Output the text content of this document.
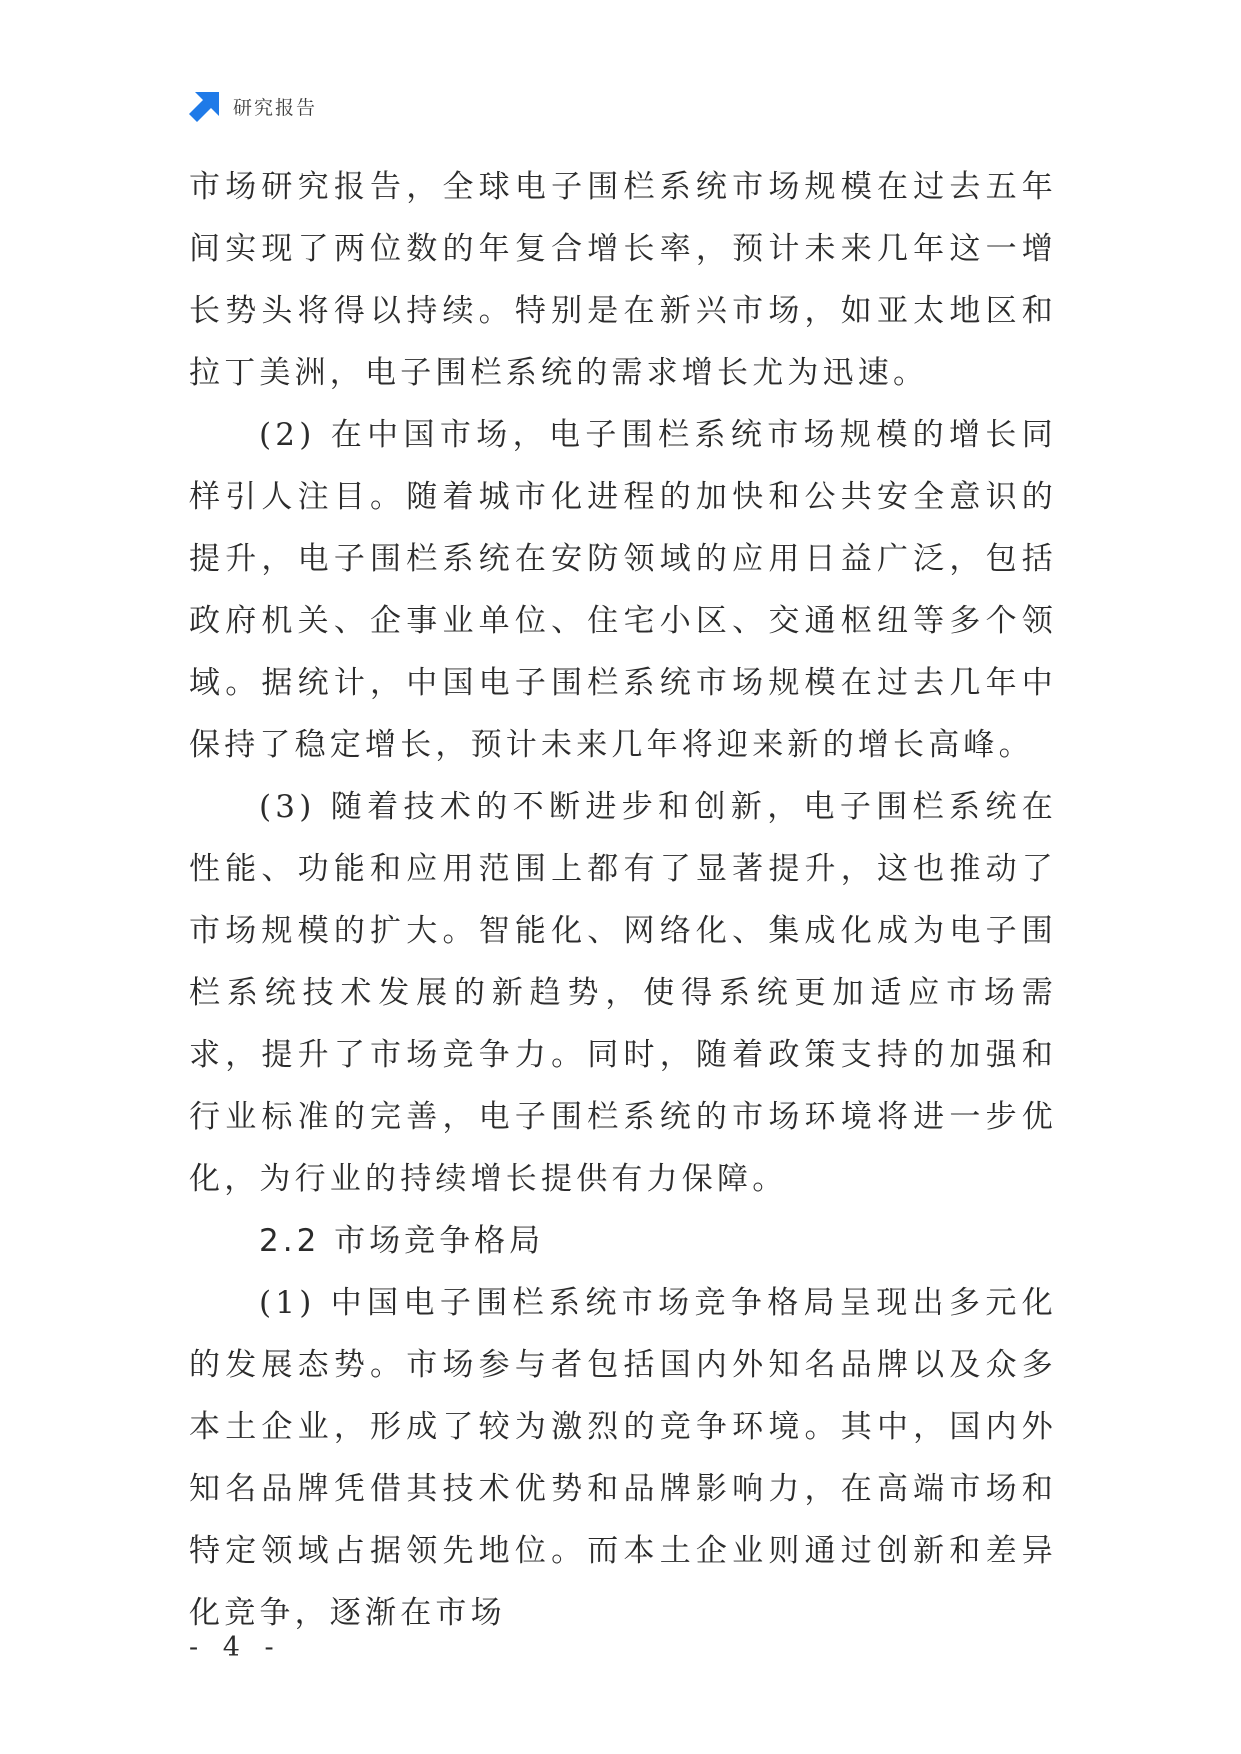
研究报告

市场研究报告，全球电子围栏系统市场规模在过去五年间实现了两位数的年复合增长率，预计未来几年这一增长势头将得以持续。特别是在新兴市场，如亚太地区和拉丁美洲，电子围栏系统的需求增长尤为迅速。

(2) 在中国市场，电子围栏系统市场规模的增长同样引人注目。随着城市化进程的加快和公共安全意识的提升，电子围栏系统在安防领域的应用日益广泛，包括政府机关、企事业单位、住宅小区、交通枢纽等多个领域。据统计，中国电子围栏系统市场规模在过去几年中保持了稳定增长，预计未来几年将迎来新的增长高峰。

(3) 随着技术的不断进步和创新，电子围栏系统在性能、功能和应用范围上都有了显著提升，这也推动了市场规模的扩大。智能化、网络化、集成化成为电子围栏系统技术发展的新趋势，使得系统更加适应市场需求，提升了市场竞争力。同时，随着政策支持的加强和行业标准的完善，电子围栏系统的市场环境将进一步优化，为行业的持续增长提供有力保障。

2.2 市场竞争格局

(1) 中国电子围栏系统市场竞争格局呈现出多元化的发展态势。市场参与者包括国内外知名品牌以及众多本土企业，形成了较为激烈的竞争环境。其中，国内外知名品牌凭借其技术优势和品牌影响力，在高端市场和特定领域占据领先地位。而本土企业则通过创新和差异化竞争，逐渐在市场

- 4 -
